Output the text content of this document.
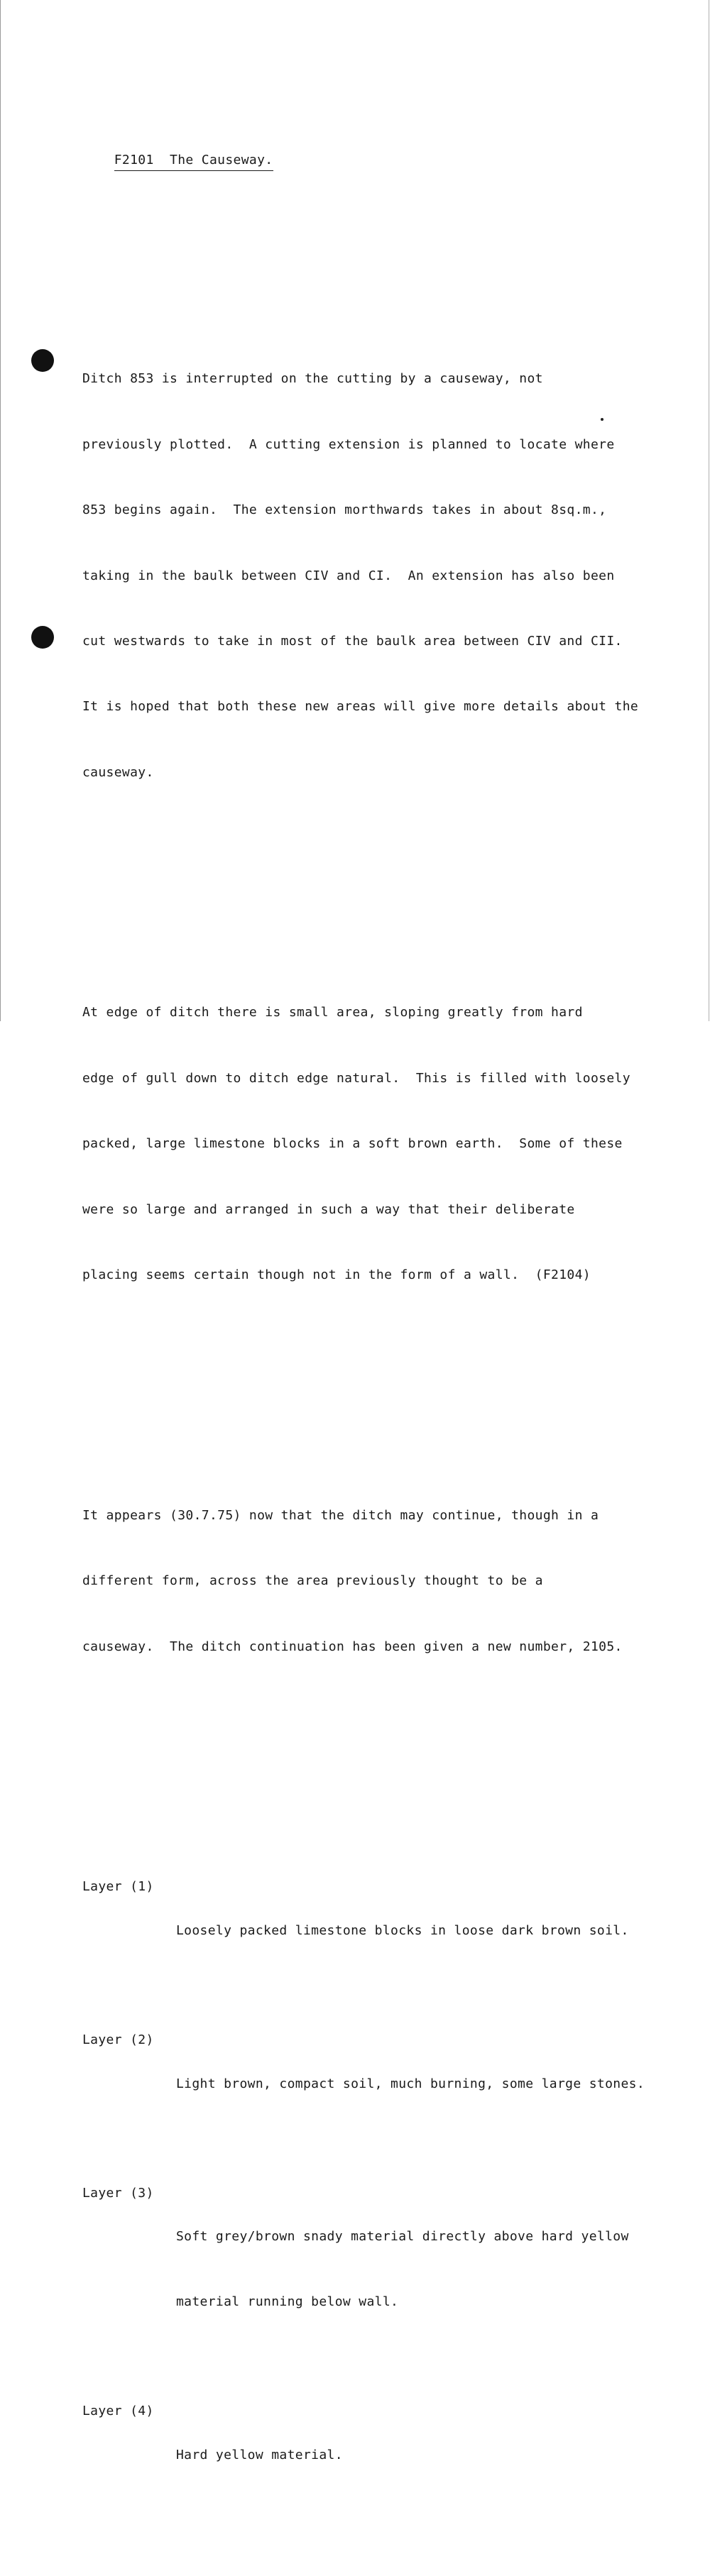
F2101  The Causeway.

Ditch 853 is interrupted on the cutting by a causeway, not

previously plotted.  A cutting extension is planned to locate where

853 begins again.  The extension morthwards takes in about 8sq.m.,

taking in the baulk between CIV and CI.  An extension has also been

cut westwards to take in most of the baulk area between CIV and CII.

It is hoped that both these new areas will give more details about the

causeway.

At edge of ditch there is small area, sloping greatly from hard

edge of gull down to ditch edge natural.  This is filled with loosely

packed, large limestone blocks in a soft brown earth.  Some of these

were so large and arranged in such a way that their deliberate

placing seems certain though not in the form of a wall.  (F2104)

It appears (30.7.75) now that the ditch may continue, though in a

different form, across the area previously thought to be a

causeway.  The ditch continuation has been given a new number, 2105.

Layer (1)

Loosely packed limestone blocks in loose dark brown soil.

Layer (2)

Light brown, compact soil, much burning, some large stones.

Layer (3)

Soft grey/brown snady material directly above hard yellow

material running below wall.

Layer (4)

Hard yellow material.
